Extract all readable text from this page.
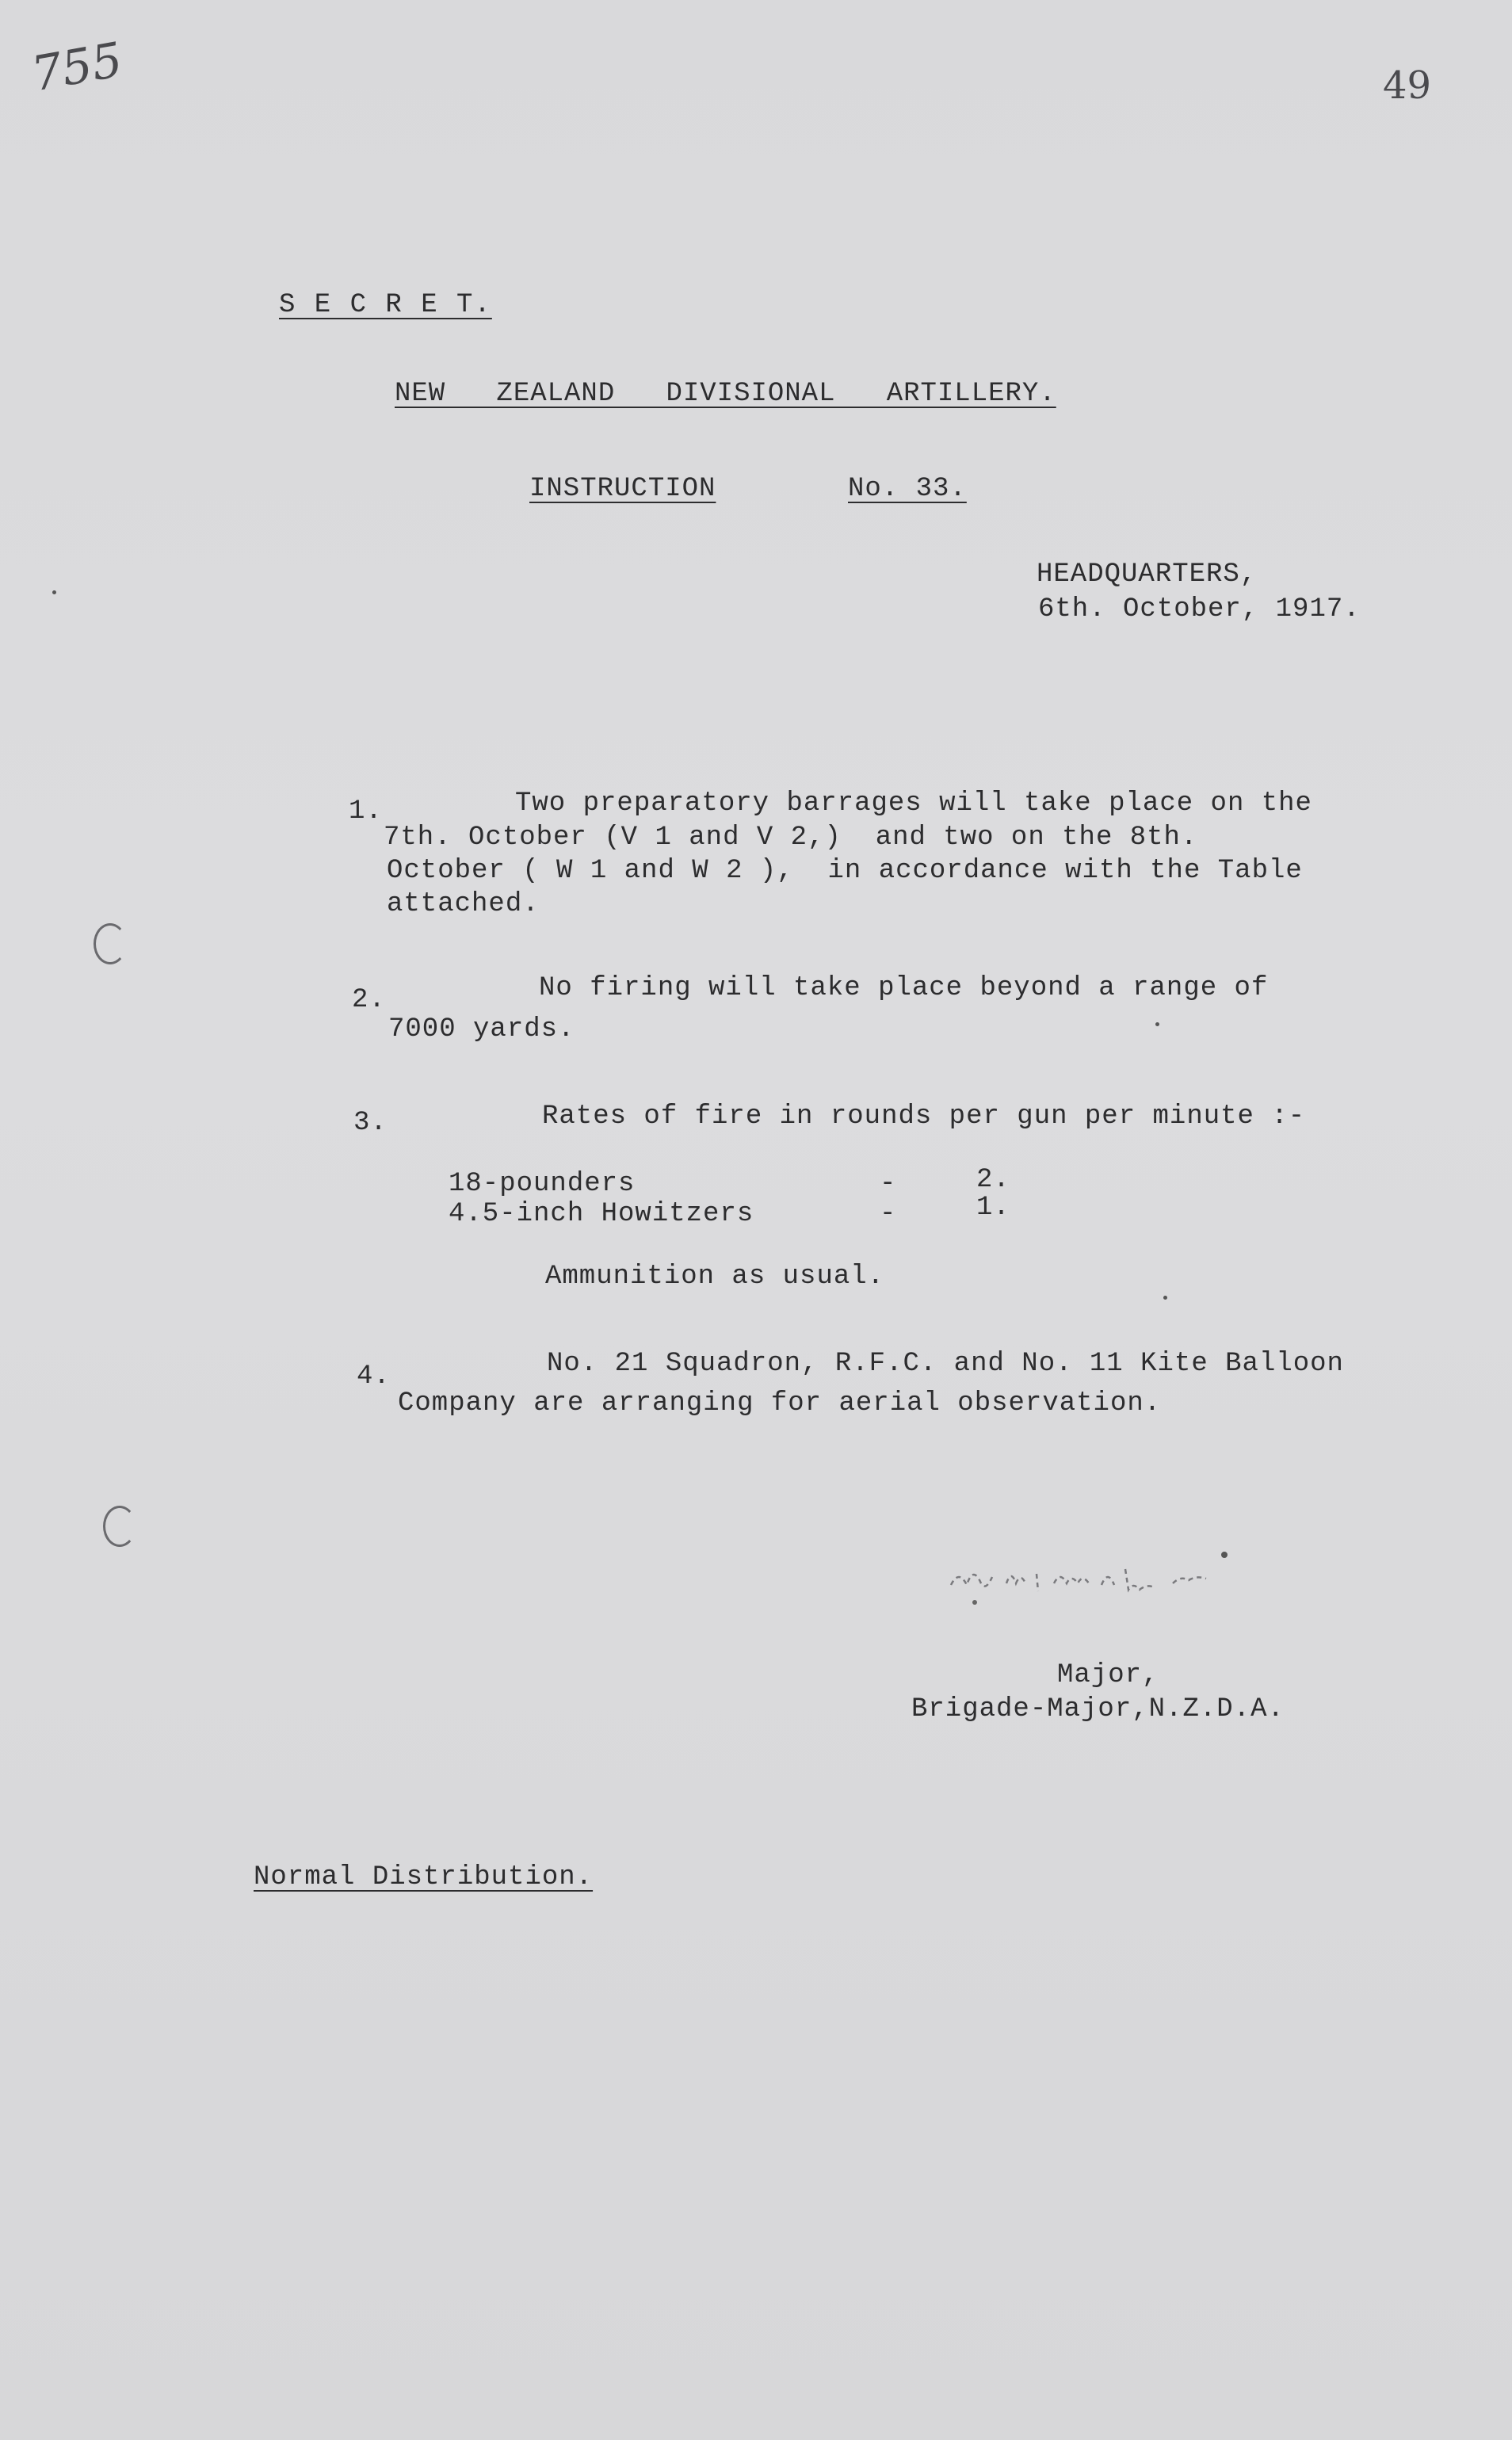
755	49
S E C R E T.
NEW   ZEALAND   DIVISIONAL   ARTILLERY.
INSTRUCTION	No. 33.
HEADQUARTERS,
6th. October, 1917.
1.	Two preparatory barrages will take place on the
7th. October (V 1 and V 2,)  and two on the 8th.
October ( W 1 and W 2 ),  in accordance with the Table
attached.
2.	No firing will take place beyond a range of
7000 yards.
3.	Rates of fire in rounds per gun per minute :-
18-pounders	-	2.
4.5-inch Howitzers	-	1.
Ammunition as usual.
4.	No. 21 Squadron, R.F.C. and No. 11 Kite Balloon
Company are arranging for aerial observation.
Major,
Brigade-Major,N.Z.D.A.
Normal Distribution.
